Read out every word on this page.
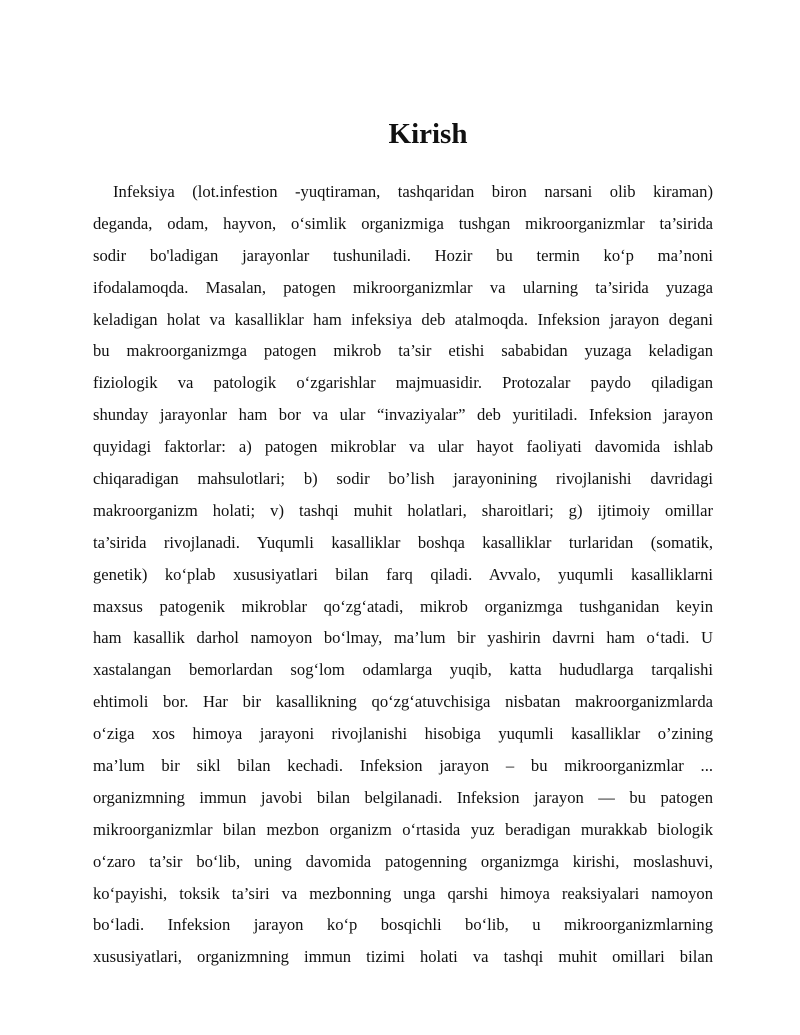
Kirish
Infeksiya (lot.infestion -yuqtiraman, tashqaridan biron narsani olib kiraman)
deganda, odam, hayvon, o‘simlik organizmiga tushgan mikroorganizmlar ta’sirida
sodir bo'ladigan jarayonlar tushuniladi. Hozir bu termin ko‘p ma’noni
ifodalamoqda. Masalan, patogen mikroorganizmlar va ularning ta’sirida yuzaga
keladigan holat va kasalliklar ham infeksiya deb atalmoqda. Infeksion jarayon degani
bu makroorganizmga patogen mikrob ta’sir etishi sababidan yuzaga keladigan
fiziologik va patologik o‘zgarishlar majmuasidir. Protozalar paydo qiladigan
shunday jarayonlar ham bor va ular “invaziyalar” deb yuritiladi. Infeksion jarayon
quyidagi faktorlar: a) patogen mikroblar va ular hayot faoliyati davomida ishlab
chiqaradigan mahsulotlari; b) sodir bo’lish jarayonining rivojlanishi davridagi
makroorganizm holati; v) tashqi muhit holatlari, sharoitlari; g) ijtimoiy omillar
ta’sirida rivojlanadi. Yuqumli kasalliklar boshqa kasalliklar turlaridan (somatik,
genetik) ko‘plab xususiyatlari bilan farq qiladi. Avvalo, yuqumli kasalliklarni
maxsus patogenik mikroblar qo‘zg‘atadi, mikrob organizmga tushganidan keyin
ham kasallik darhol namoyon bo‘lmay, ma’lum bir yashirin davrni ham o‘tadi. U
xastalangan bemorlardan sog‘lom odamlarga yuqib, katta hududlarga tarqalishi
ehtimoli bor. Har bir kasallikning qo‘zg‘atuvchisiga nisbatan makroorganizmlarda
o‘ziga xos himoya jarayoni rivojlanishi hisobiga yuqumli kasalliklar o’zining
ma’lum bir sikl bilan kechadi. Infeksion jarayon – bu mikroorganizmlar ...
organizmning immun javobi bilan belgilanadi. Infeksion jarayon — bu patogen
mikroorganizmlar bilan mezbon organizm o‘rtasida yuz beradigan murakkab biologik
o‘zaro ta’sir bo‘lib, uning davomida patogenning organizmga kirishi, moslashuvi,
ko‘payishi, toksik ta’siri va mezbonning unga qarshi himoya reaksiyalari namoyon
bo‘ladi. Infeksion jarayon ko‘p bosqichli bo‘lib, u mikroorganizmlarning
xususiyatlari, organizmning immun tizimi holati va tashqi muhit omillari bilan
